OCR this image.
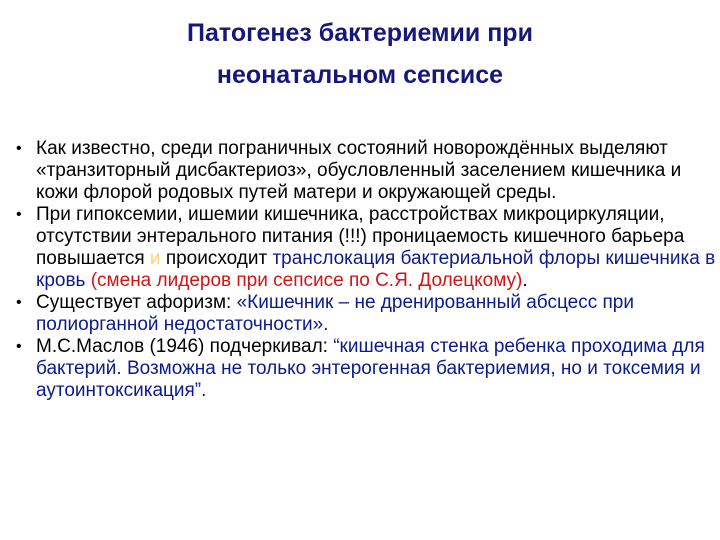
Патогенез бактериемии при
неонатальном сепсисе

• Как известно, среди пограничных состояний новорождённых выделяют «транзиторный дисбактериоз», обусловленный заселением кишечника и кожи флорой родовых путей матери и окружающей среды.

• При гипоксемии, ишемии кишечника, расстройствах микроциркуляции, отсутствии энтерального питания (!!!) проницаемость кишечного барьера повышается и происходит транслокация бактериальной флоры кишечника в кровь (смена лидеров при сепсисе по С.Я. Долецкому).

• Существует афоризм: «Кишечник – не дренированный абсцесс при полиорганной недостаточности».

• М.С.Маслов (1946) подчеркивал: “кишечная стенка ребенка проходима для бактерий. Возможна не только энтерогенная бактериемия, но и токсемия и аутоинтоксикация”.
